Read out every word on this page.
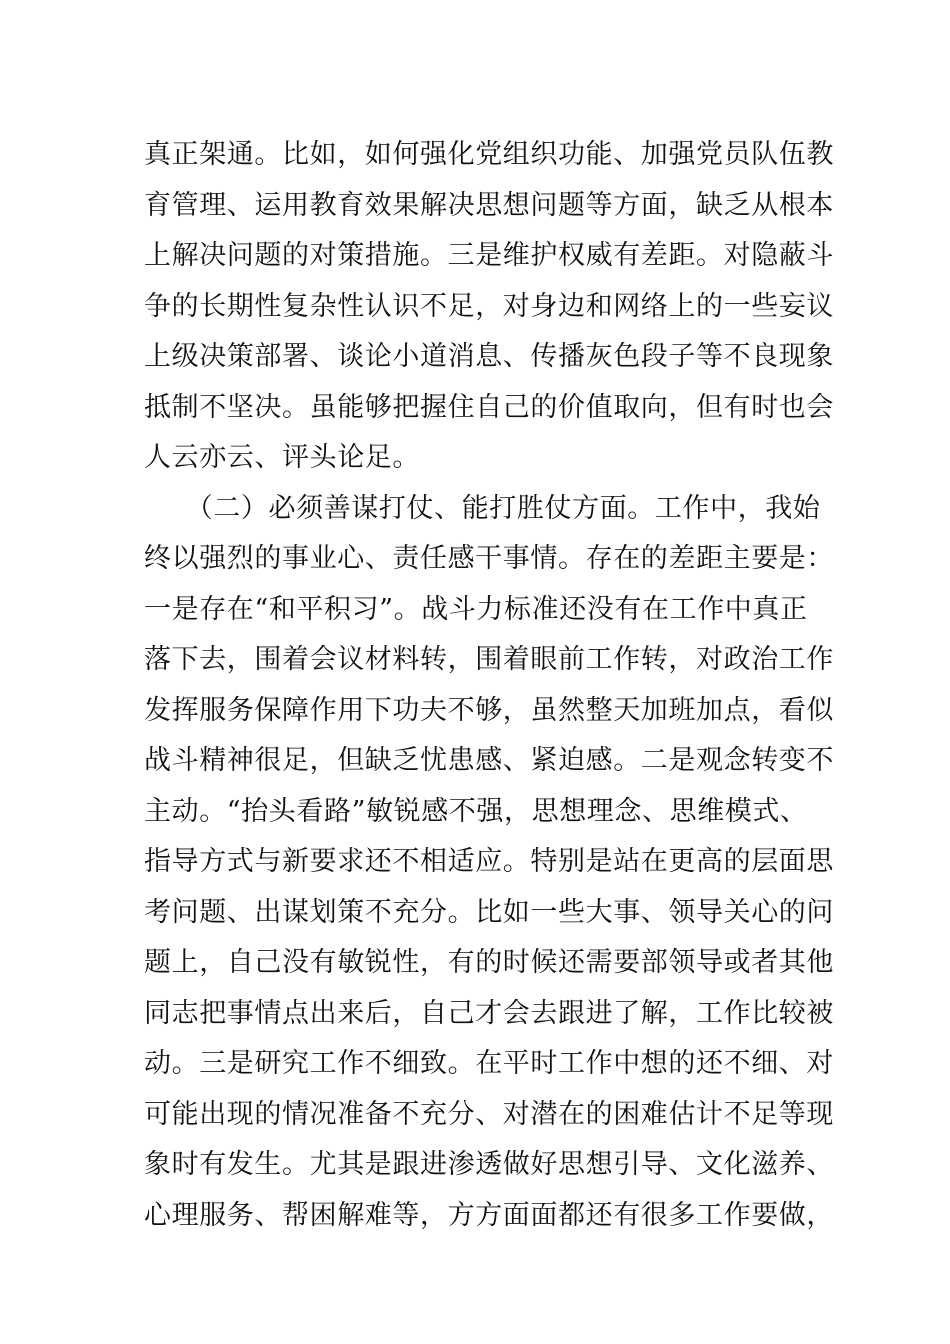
真正架通。比如，如何强化党组织功能、加强党员队伍教
育管理、运用教育效果解决思想问题等方面，缺乏从根本
上解决问题的对策措施。三是维护权威有差距。对隐蔽斗
争的长期性复杂性认识不足，对身边和网络上的一些妄议
上级决策部署、谈论小道消息、传播灰色段子等不良现象
抵制不坚决。虽能够把握住自己的价值取向，但有时也会
人云亦云、评头论足。
　　（二）必须善谋打仗、能打胜仗方面。工作中，我始
终以强烈的事业心、责任感干事情。存在的差距主要是：
一是存在“和平积习”。战斗力标准还没有在工作中真正
落下去，围着会议材料转，围着眼前工作转，对政治工作
发挥服务保障作用下功夫不够，虽然整天加班加点，看似
战斗精神很足，但缺乏忧患感、紧迫感。二是观念转变不
主动。“抬头看路”敏锐感不强，思想理念、思维模式、
指导方式与新要求还不相适应。特别是站在更高的层面思
考问题、出谋划策不充分。比如一些大事、领导关心的问
题上，自己没有敏锐性，有的时候还需要部领导或者其他
同志把事情点出来后，自己才会去跟进了解，工作比较被
动。三是研究工作不细致。在平时工作中想的还不细、对
可能出现的情况准备不充分、对潜在的困难估计不足等现
象时有发生。尤其是跟进渗透做好思想引导、文化滋养、
心理服务、帮困解难等，方方面面都还有很多工作要做，
